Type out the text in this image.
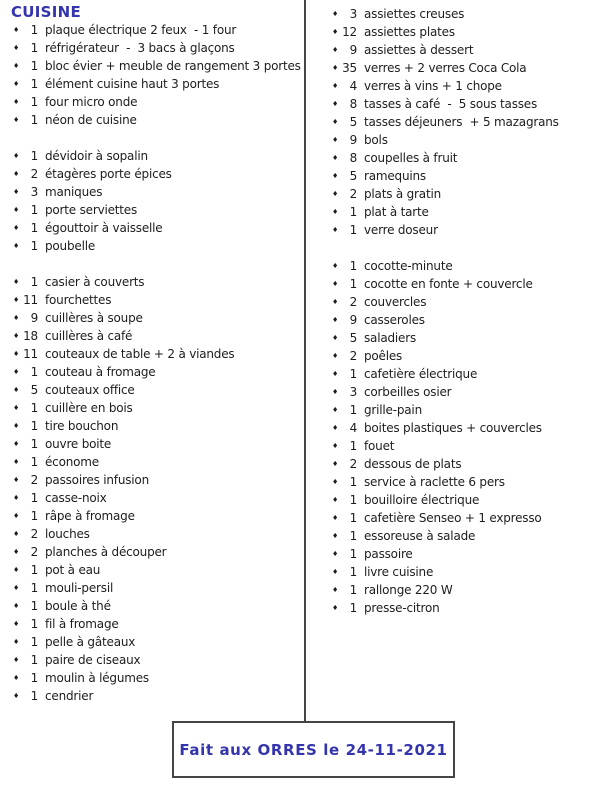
CUISINE
♦ 1 plaque électrique 2 feux  - 1 four
♦ 1 réfrigérateur  -  3 bacs à glaçons
♦ 1 bloc évier + meuble de rangement 3 portes
♦ 1 élément cuisine haut 3 portes
♦ 1 four micro onde
♦ 1 néon de cuisine
♦ 1 dévidoir à sopalin
♦ 2 étagères porte épices
♦ 3 maniques
♦ 1 porte serviettes
♦ 1 égouttoir à vaisselle
♦ 1 poubelle
♦ 1 casier à couverts
♦ 11 fourchettes
♦ 9 cuillères à soupe
♦ 18 cuillères à café
♦ 11 couteaux de table + 2 à viandes
♦ 1 couteau à fromage
♦ 5 couteaux office
♦ 1 cuillère en bois
♦ 1 tire bouchon
♦ 1 ouvre boite
♦ 1 économe
♦ 2 passoires infusion
♦ 1 casse-noix
♦ 1 râpe à fromage
♦ 2 louches
♦ 2 planches à découper
♦ 1 pot à eau
♦ 1 mouli-persil
♦ 1 boule à thé
♦ 1 fil à fromage
♦ 1 pelle à gâteaux
♦ 1 paire de ciseaux
♦ 1 moulin à légumes
♦ 1 cendrier
♦ 3 assiettes creuses
♦ 12 assiettes plates
♦ 9 assiettes à dessert
♦ 35 verres + 2 verres Coca Cola
♦ 4 verres à vins + 1 chope
♦ 8 tasses à café  -  5 sous tasses
♦ 5 tasses déjeuners  + 5 mazagrans
♦ 9 bols
♦ 8 coupelles à fruit
♦ 5 ramequins
♦ 2 plats à gratin
♦ 1 plat à tarte
♦ 1 verre doseur
♦ 1 cocotte-minute
♦ 1 cocotte en fonte + couvercle
♦ 2 couvercles
♦ 9 casseroles
♦ 5 saladiers
♦ 2 poêles
♦ 1 cafetière électrique
♦ 3 corbeilles osier
♦ 1 grille-pain
♦ 4 boites plastiques + couvercles
♦ 1 fouet
♦ 2 dessous de plats
♦ 1 service à raclette 6 pers
♦ 1 bouilloire électrique
♦ 1 cafetière Senseo + 1 expresso
♦ 1 essoreuse à salade
♦ 1 passoire
♦ 1 livre cuisine
♦ 1 rallonge 220 W
♦ 1 presse-citron
Fait aux ORRES le 24-11-2021
